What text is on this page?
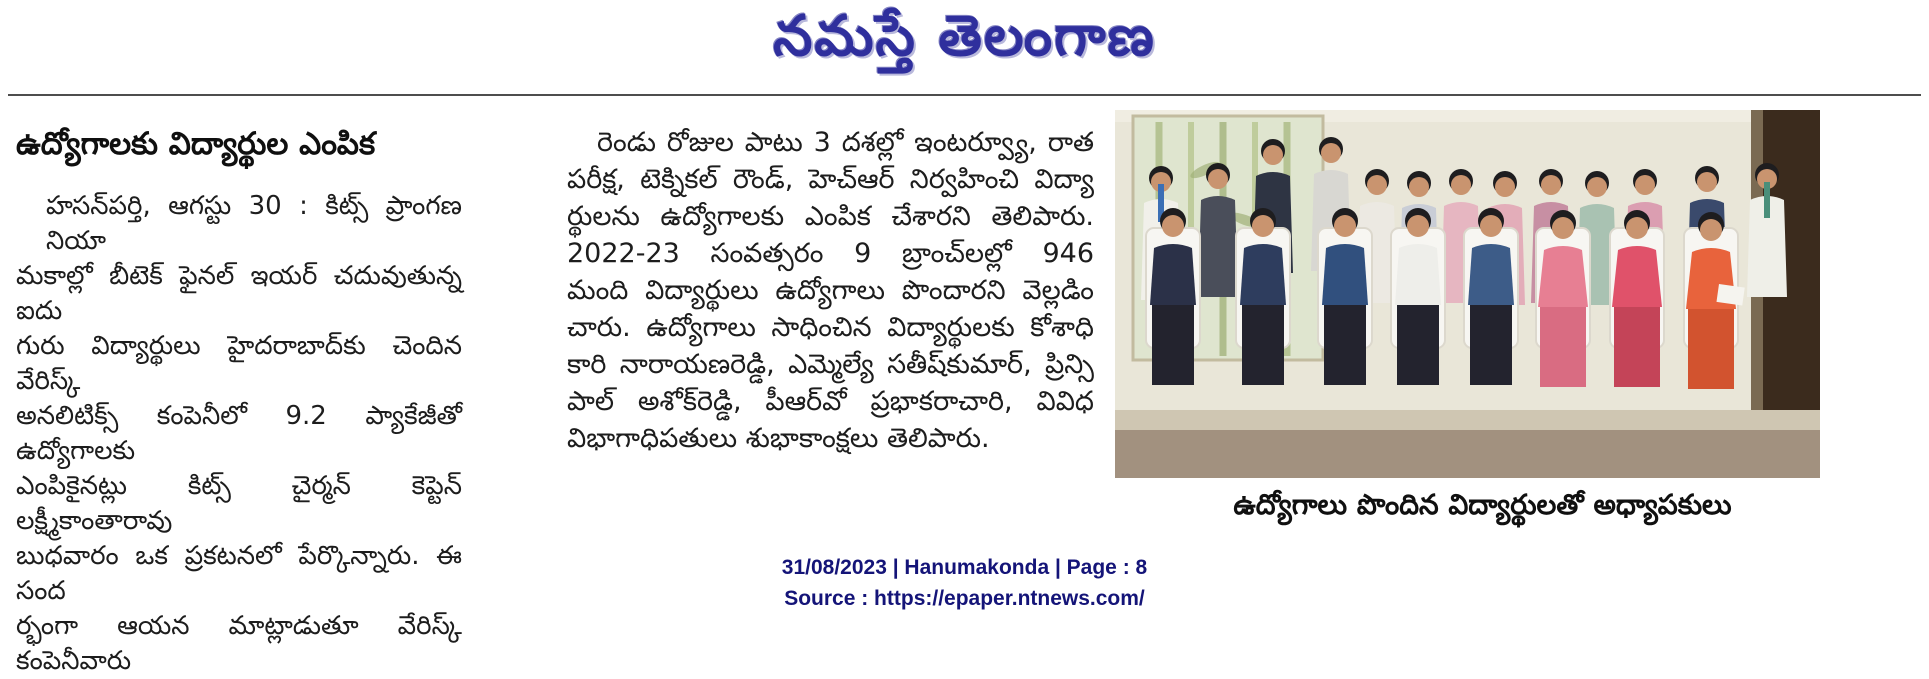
నమస్తే తెలంగాణ
ఉద్యోగాలకు విద్యార్థుల ఎంపిక
హసన్‌పర్తి, ఆగస్టు 30 : కిట్స్ ప్రాంగణ నియా
మకాల్లో బీటెక్ ఫైనల్ ఇయర్ చదువుతున్న ఐదు
గురు విద్యార్థులు హైదరాబాద్‌కు చెందిన వేరిస్క్
అనలిటిక్స్ కంపెనీలో 9.2 ప్యాకేజీతో ఉద్యోగాలకు
ఎంపికైనట్లు కిట్స్ చైర్మన్ కెప్టెన్ లక్ష్మీకాంతారావు
బుధవారం ఒక ప్రకటనలో పేర్కొన్నారు. ఈ సంద
ర్భంగా ఆయన మాట్లాడుతూ వేరిస్క్ కంపెనీవారు
రెండు రోజుల పాటు 3 దశల్లో ఇంటర్వ్యూ, రాత
పరీక్ష, టెక్నికల్ రౌండ్, హెచ్‌ఆర్ నిర్వహించి విద్యా
ర్థులను ఉద్యోగాలకు ఎంపిక చేశారని తెలిపారు.
2022-23 సంవత్సరం 9 బ్రాంచ్‌లల్లో 946
మంది విద్యార్థులు ఉద్యోగాలు పొందారని వెల్లడిం
చారు. ఉద్యోగాలు సాధించిన విద్యార్థులకు కోశాధి
కారి నారాయణరెడ్డి, ఎమ్మెల్యే సతీష్‌కుమార్, ప్రిన్సి
పాల్ అశోక్‌రెడ్డి, పీఆర్‌వో ప్రభాకరాచారి, వివిధ
విభాగాధిపతులు శుభాకాంక్షలు తెలిపారు.
ఉద్యోగాలు పొందిన విద్యార్థులతో అధ్యాపకులు
31/08/2023 | Hanumakonda | Page : 8
Source : https://epaper.ntnews.com/
